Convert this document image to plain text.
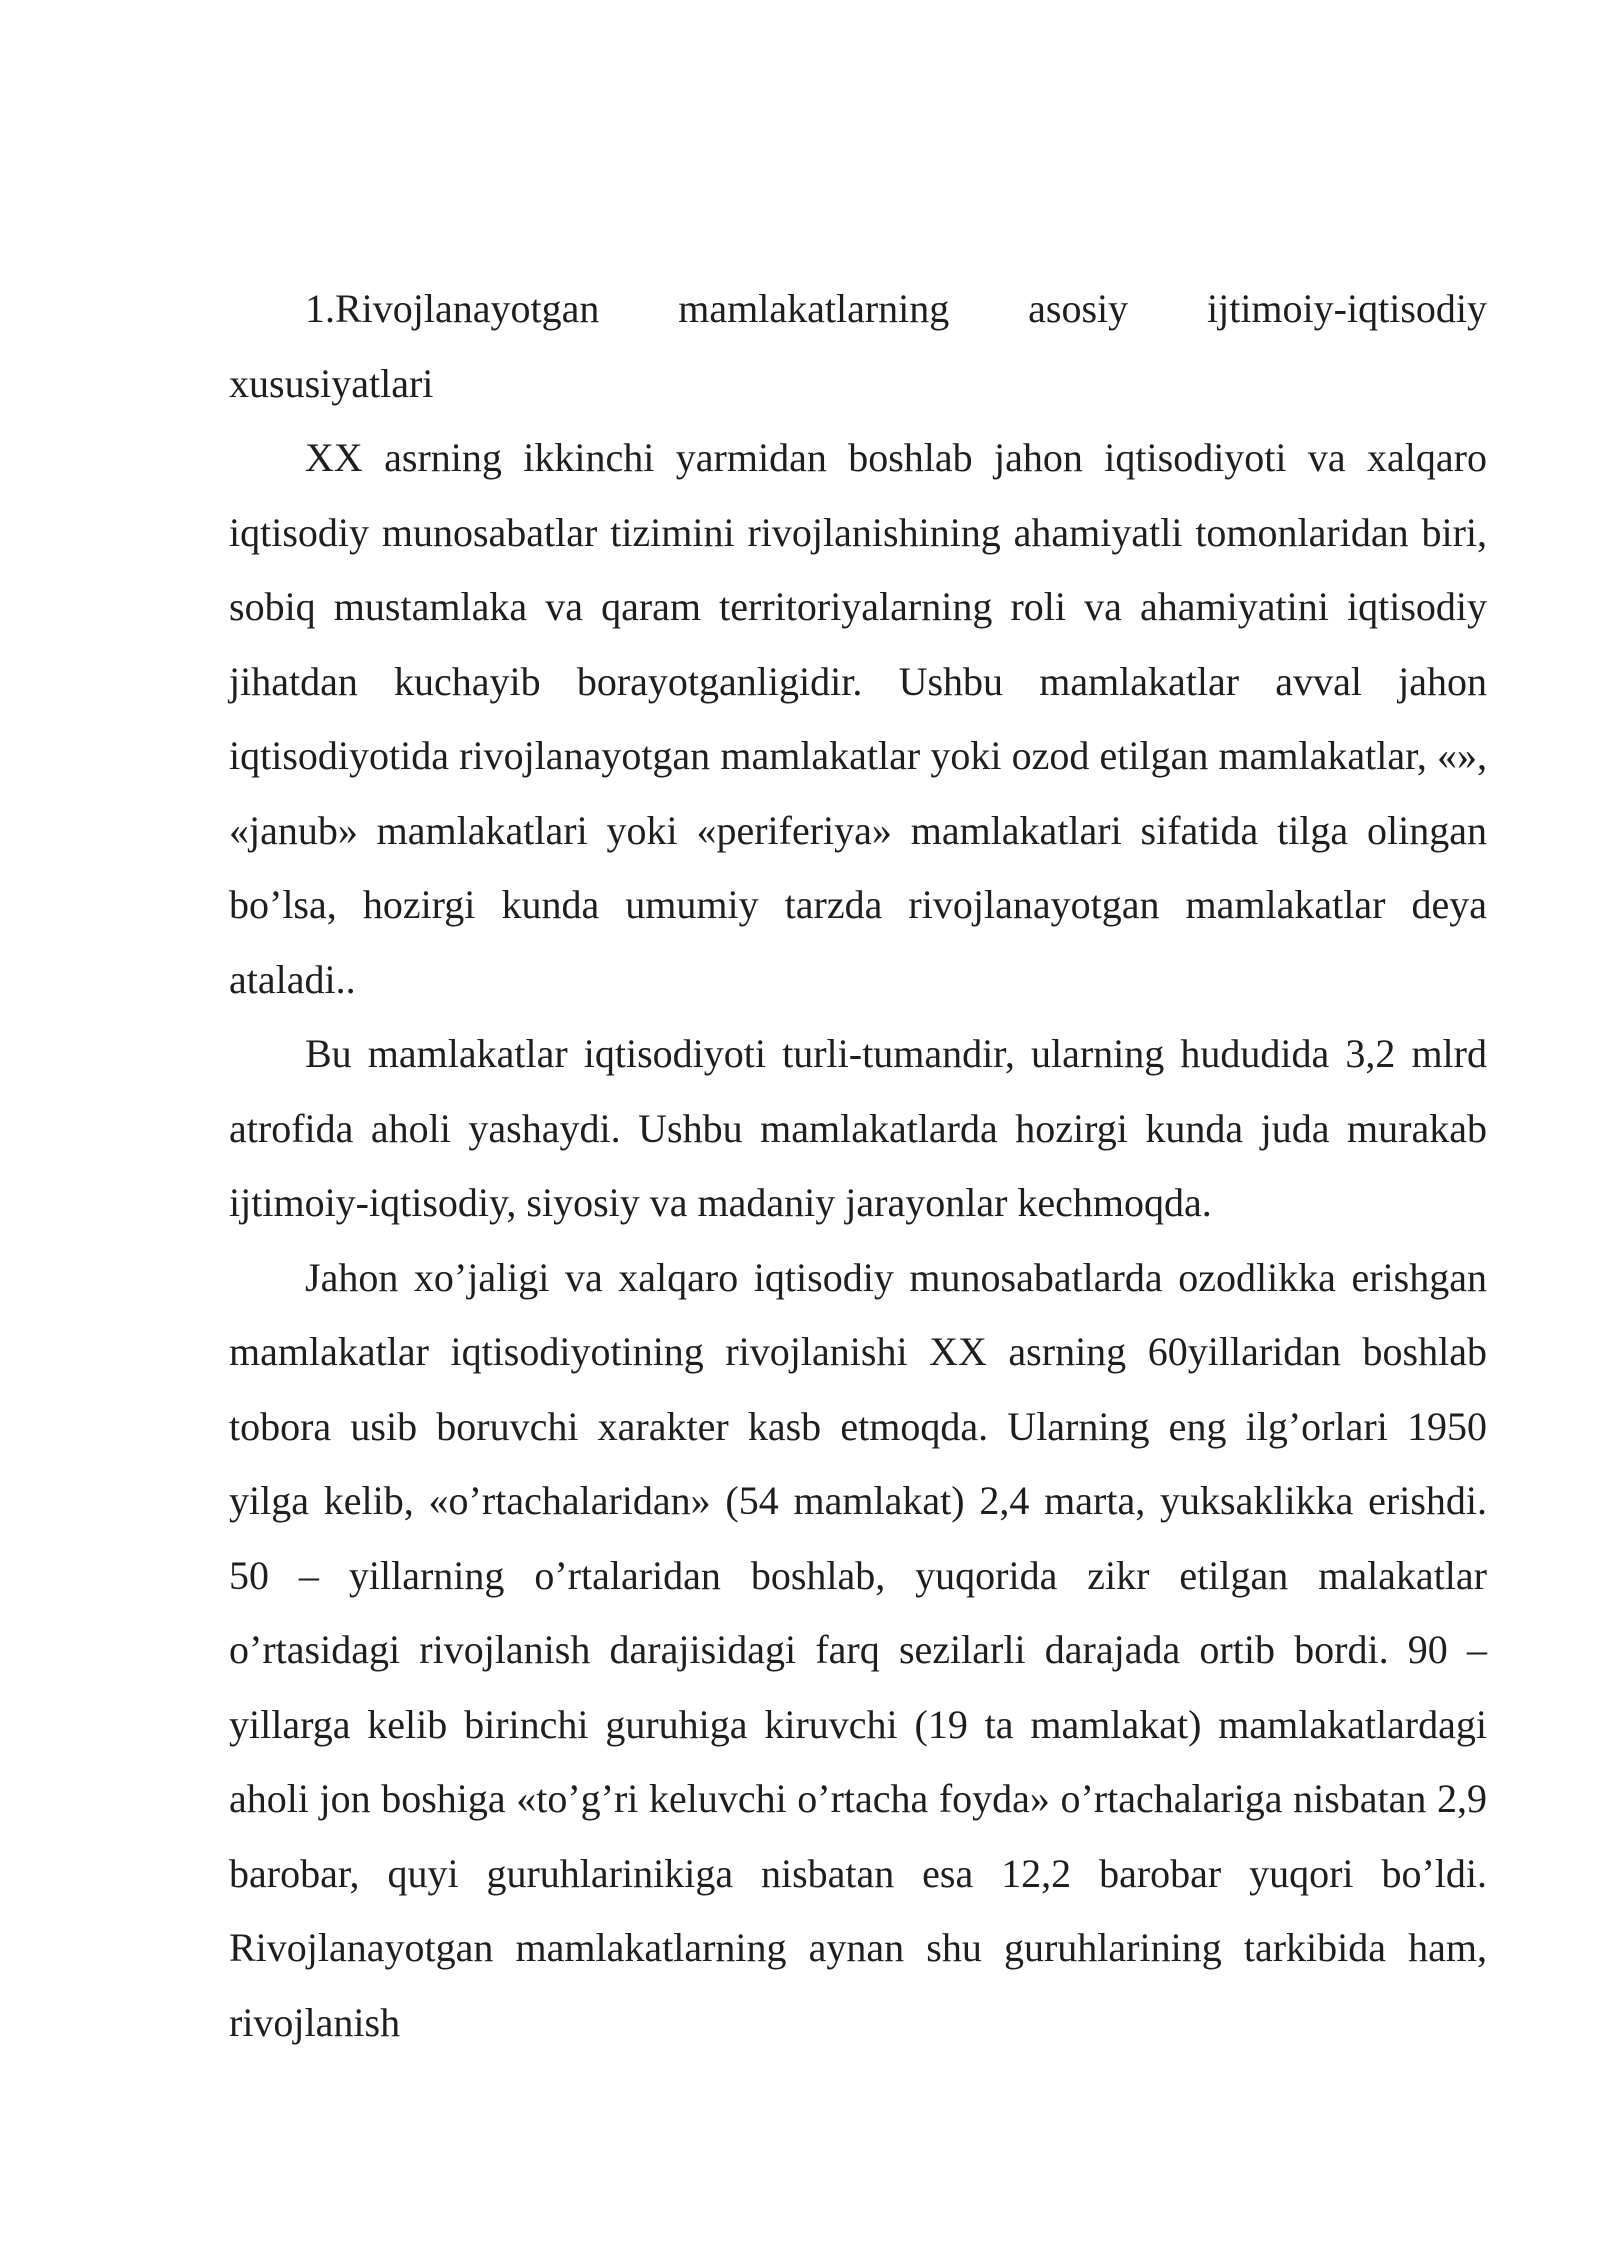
1.Rivojlanayotgan mamlakatlarning asosiy ijtimoiy-iqtisodiy xususiyatlari

XX asrning ikkinchi yarmidan boshlab jahon iqtisodiyoti va xalqaro iqtisodiy munosabatlar tizimini rivojlanishining ahamiyatli tomonlaridan biri, sobiq mustamlaka va qaram territoriyalarning roli va ahamiyatini iqtisodiy jihatdan kuchayib borayotganligidir. Ushbu mamlakatlar avval jahon iqtisodiyotida rivojlanayotgan mamlakatlar yoki ozod etilgan mamlakatlar, «», «janub» mamlakatlari yoki «periferiya» mamlakatlari sifatida tilga olingan bo’lsa, hozirgi kunda umumiy tarzda rivojlanayotgan mamlakatlar deya ataladi..

Bu mamlakatlar iqtisodiyoti turli-tumandir, ularning hududida 3,2 mlrd atrofida aholi yashaydi. Ushbu mamlakatlarda hozirgi kunda juda murakab ijtimoiy-iqtisodiy, siyosiy va madaniy jarayonlar kechmoqda.

Jahon xo’jaligi va xalqaro iqtisodiy munosabatlarda ozodlikka erishgan mamlakatlar iqtisodiyotining rivojlanishi XX asrning 60yillaridan boshlab tobora usib boruvchi xarakter kasb etmoqda. Ularning eng ilg’orlari 1950 yilga kelib, «o’rtachalaridan» (54 mamlakat) 2,4 marta, yuksaklikka erishdi. 50 – yillarning o’rtalaridan boshlab, yuqorida zikr etilgan malakatlar o’rtasidagi rivojlanish darajisidagi farq sezilarli darajada ortib bordi. 90 – yillarga kelib birinchi guruhiga kiruvchi (19 ta mamlakat) mamlakatlardagi aholi jon boshiga «to’g’ri keluvchi o’rtacha foyda» o’rtachalariga nisbatan 2,9 barobar, quyi guruhlarinikiga nisbatan esa 12,2 barobar yuqori bo’ldi. Rivojlanayotgan mamlakatlarning aynan shu guruhlarining tarkibida ham, rivojlanish
